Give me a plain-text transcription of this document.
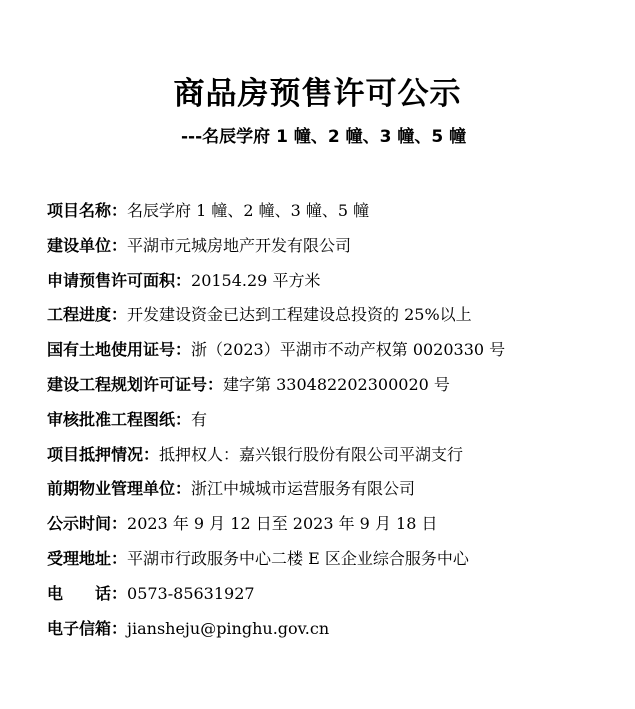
商品房预售许可公示
---名辰学府 1 幢、2 幢、3 幢、5 幢
项目名称：名辰学府 1 幢、2 幢、3 幢、5 幢
建设单位：平湖市元城房地产开发有限公司
申请预售许可面积：20154.29 平方米
工程进度：开发建设资金已达到工程建设总投资的 25%以上
国有土地使用证号：浙（2023）平湖市不动产权第 0020330 号
建设工程规划许可证号：建字第 330482202300020 号
审核批准工程图纸：有
项目抵押情况：抵押权人：嘉兴银行股份有限公司平湖支行
前期物业管理单位：浙江中城城市运营服务有限公司
公示时间：2023 年 9 月 12 日至 2023 年 9 月 18 日
受理地址：平湖市行政服务中心二楼 E 区企业综合服务中心
电　　话：0573-85631927
电子信箱：jiansheju@pinghu.gov.cn
